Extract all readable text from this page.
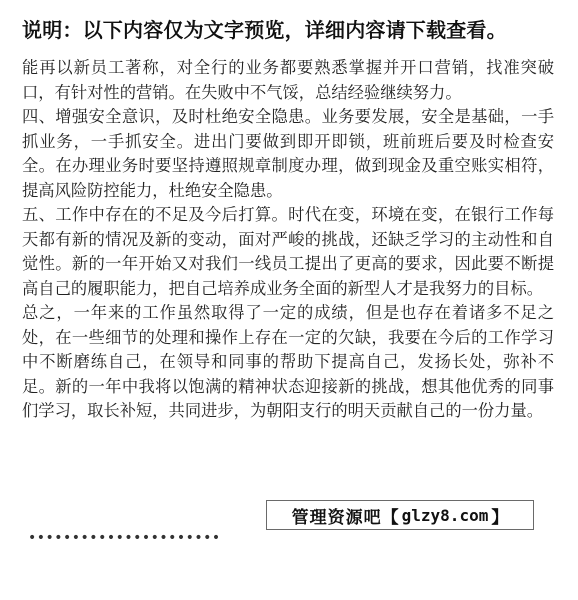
说明：以下内容仅为文字预览，详细内容请下载查看。

能再以新员工著称，对全行的业务都要熟悉掌握并开口营销，找准突破口，有针对性的营销。在失败中不气馁，总结经验继续努力。

四、增强安全意识，及时杜绝安全隐患。业务要发展，安全是基础，一手抓业务，一手抓安全。进出门要做到即开即锁，班前班后要及时检查安全。在办理业务时要坚持遵照规章制度办理，做到现金及重空账实相符，提高风险防控能力，杜绝安全隐患。

五、工作中存在的不足及今后打算。时代在变，环境在变，在银行工作每天都有新的情况及新的变动，面对严峻的挑战，还缺乏学习的主动性和自觉性。新的一年开始又对我们一线员工提出了更高的要求，因此要不断提高自己的履职能力，把自己培养成业务全面的新型人才是我努力的目标。

总之，一年来的工作虽然取得了一定的成绩，但是也存在着诸多不足之处，在一些细节的处理和操作上存在一定的欠缺，我要在今后的工作学习中不断磨练自己，在领导和同事的帮助下提高自己，发扬长处，弥补不足。新的一年中我将以饱满的精神状态迎接新的挑战，想其他优秀的同事们学习，取长补短，共同进步，为朝阳支行的明天贡献自己的一份力量。

••••••••••••••••••••••
管理资源吧 【 glzy8.com 】
